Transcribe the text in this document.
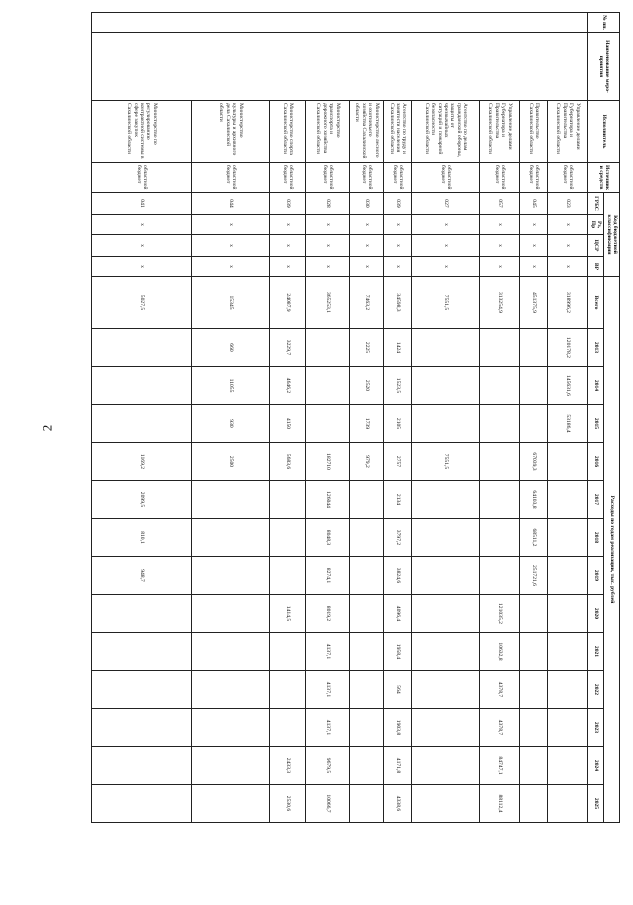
2
№ пп.	Наименование меро-приятия	Исполнитель	Источники средств	Код бюджетной классификации				Расходы по годам реализации, тыс. рублей													
				ГРБС	Рз, Пр	ЦСР	ВР	Всего	2013	2014	2015	2016	2017	2018	2019	2020	2021	2022	2023	2024	2025
		Управление делами Губернатора и Правительства Сахалинской области	областной бюджет	023	x	x	x	318996,2	120178,2	145631,6	53186,4										
		Правительство Сахалинской области	областной бюджет	045	x	x	x	451375,9				67039,3	64103,8	68511,2	251721,6						
		Управление делами Губернатора и Правительства Сахалинской области	областной бюджет	057	x	x	x	313254,9								121035,2	10632,8	4378,7	4378,7	84747,1	88112,4
		Агентство по делам гражданской обороны, защиты от чрезвычайных ситуаций и пожарной безопасности Сахалинской области	областной бюджет	027	x	x	x	7551,5				7551,5									
		Агентство по труду и занятости населения Сахалинской области	областной бюджет	039	x	x	x	34598,3	1424	1523,5	2105	2757	2134	3797,2	3824,6	4096,4	1958,4	564	1903,8	4171,8	4338,6
		Министерство лесного и охотничьего хозяйства Сахалинской области	областной бюджет	030	x	x	x	7463,2	2225	2520	1739	979,2									
		Министерство транспорта и дорожного хозяйства Сахалинской области	областной бюджет	028	x	x	x	365253,1				182710	126044	8048,3	8274,1	8019,2	4137,1	4137,1	4137,1	9679,5	10066,7
		Министерство спорта Сахалинской области	областной бюджет	039	x	x	x	24087,9	3229,7	4646,2	4150	5683,6				1414,5				2433,3	2530,6
		Министерство культуры и архивного дела Сахалинской области	областной бюджет	044	x	x	x	15345	660	11055	930	2500									
		Министерство по регулированию контрактной системы в сфере закупок Сахалинской области	областной бюджет	041	x	x	x	5027,5				1169,2	2099,5	810,1	948,7						
